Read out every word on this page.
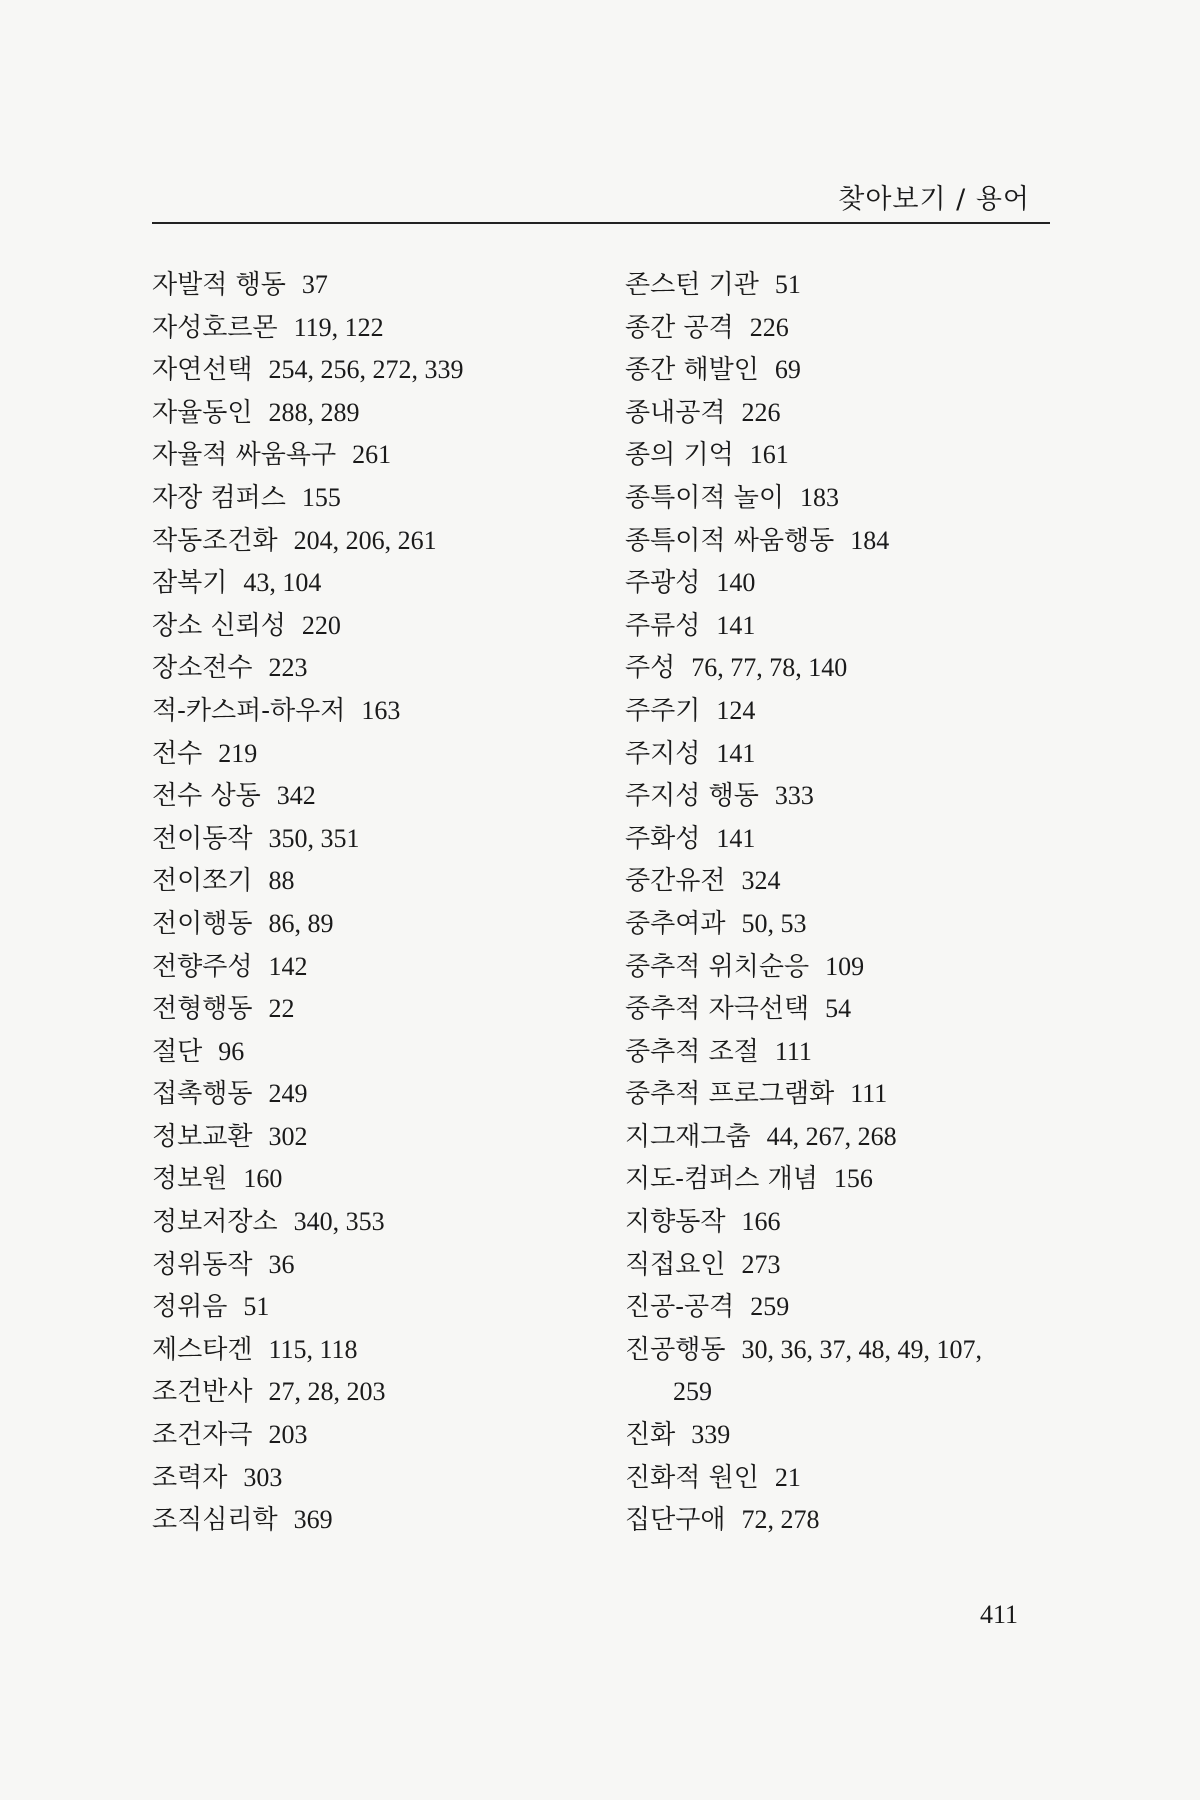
찾아보기 / 용어
자발적 행동 37
자성호르몬 119, 122
자연선택 254, 256, 272, 339
자율동인 288, 289
자율적 싸움욕구 261
자장 컴퍼스 155
작동조건화 204, 206, 261
잠복기 43, 104
장소 신뢰성 220
장소전수 223
적-카스퍼-하우저 163
전수 219
전수 상동 342
전이동작 350, 351
전이쪼기 88
전이행동 86, 89
전향주성 142
전형행동 22
절단 96
접촉행동 249
정보교환 302
정보원 160
정보저장소 340, 353
정위동작 36
정위음 51
제스타겐 115, 118
조건반사 27, 28, 203
조건자극 203
조력자 303
조직심리학 369
존스턴 기관 51
종간 공격 226
종간 해발인 69
종내공격 226
종의 기억 161
종특이적 놀이 183
종특이적 싸움행동 184
주광성 140
주류성 141
주성 76, 77, 78, 140
주주기 124
주지성 141
주지성 행동 333
주화성 141
중간유전 324
중추여과 50, 53
중추적 위치순응 109
중추적 자극선택 54
중추적 조절 111
중추적 프로그램화 111
지그재그춤 44, 267, 268
지도-컴퍼스 개념 156
지향동작 166
직접요인 273
진공-공격 259
진공행동 30, 36, 37, 48, 49, 107,
259
진화 339
진화적 원인 21
집단구애 72, 278
411
